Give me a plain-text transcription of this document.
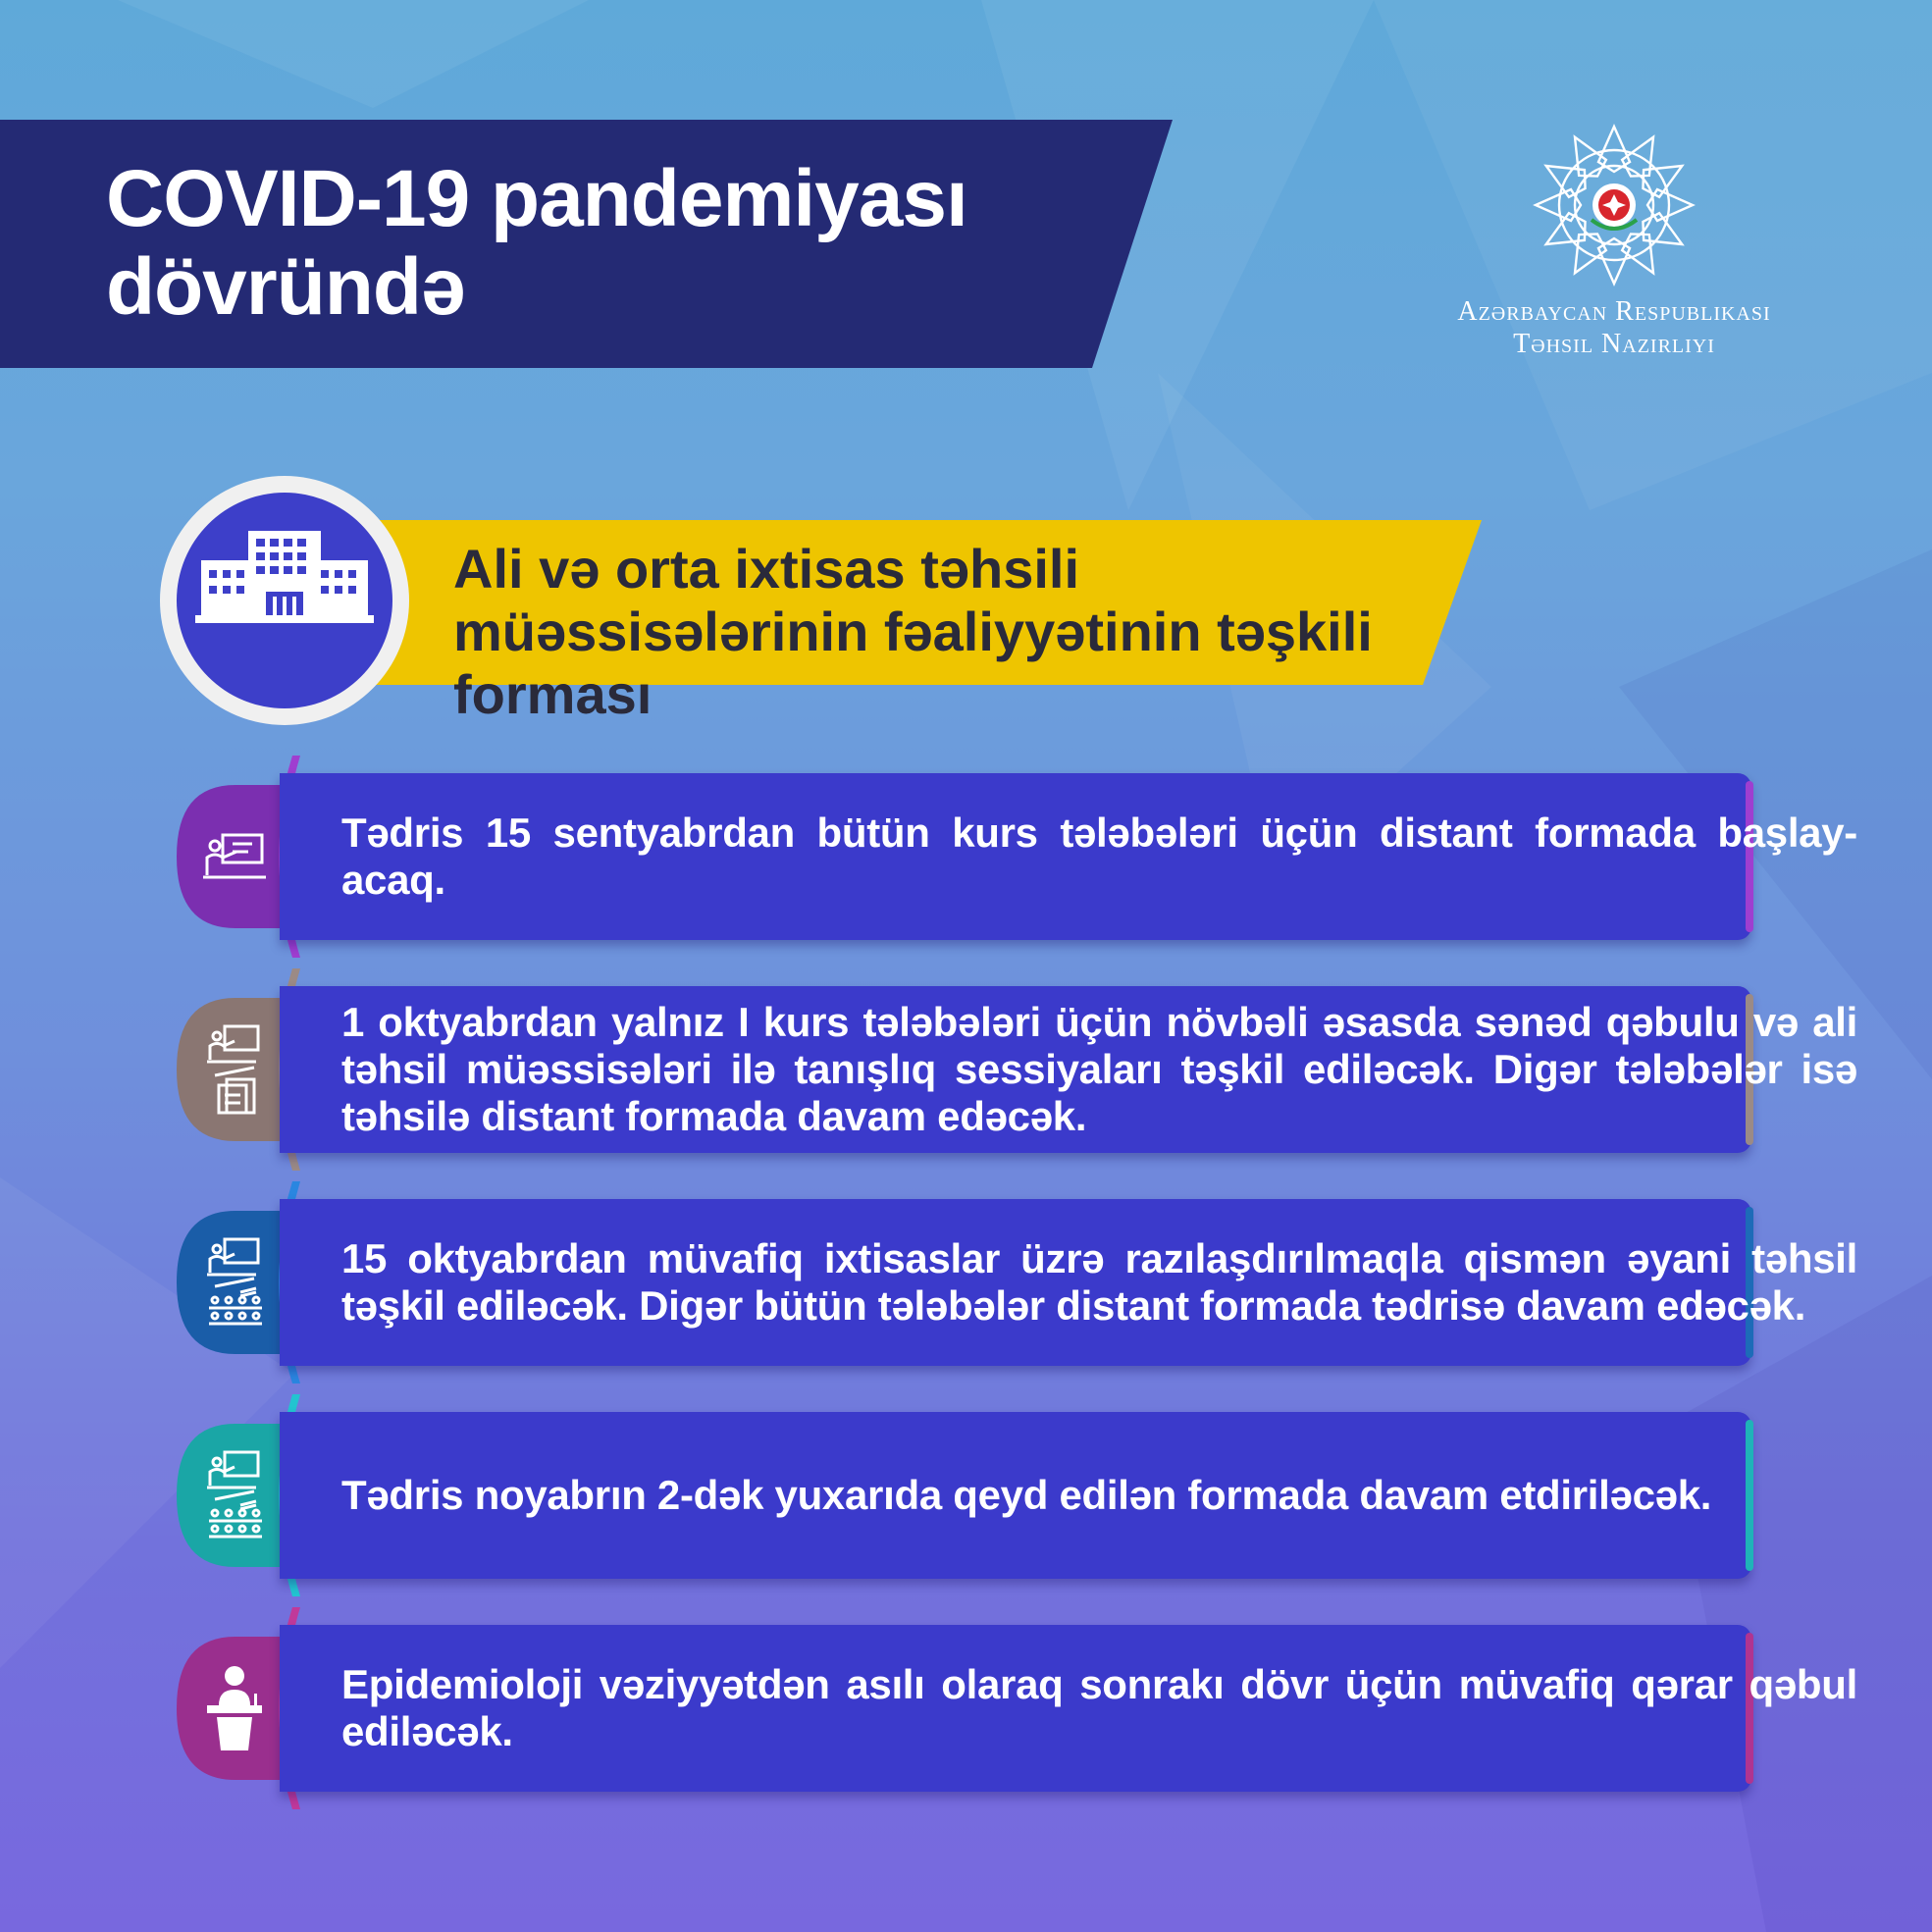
COVID-19 pandemiyası dövründə	Azərbaycan Respublikası
Təhsil Nazirliyi
Ali və orta ixtisas təhsili müəssisələrinin fəaliyyətinin təşkili forması

Tədris 15 sentyabrdan bütün kurs tələbələri üçün distant formada başlay- acaq.

1 oktyabrdan yalnız I kurs tələbələri üçün növbəli əsasda sənəd qəbulu və ali təhsil müəssisələri ilə tanışlıq sessiyaları təşkil ediləcək. Digər tələbələr isə təhsilə distant formada davam edəcək.

15 oktyabrdan müvafiq ixtisaslar üzrə razılaşdırılmaqla qismən əyani təhsil təşkil ediləcək. Digər bütün tələbələr distant formada tədrisə davam edəcək.

Tədris noyabrın 2-dək yuxarıda qeyd edilən formada davam etdiriləcək.

Epidemioloji vəziyyətdən asılı olaraq sonrakı dövr üçün müvafiq qərar qəbul ediləcək.
